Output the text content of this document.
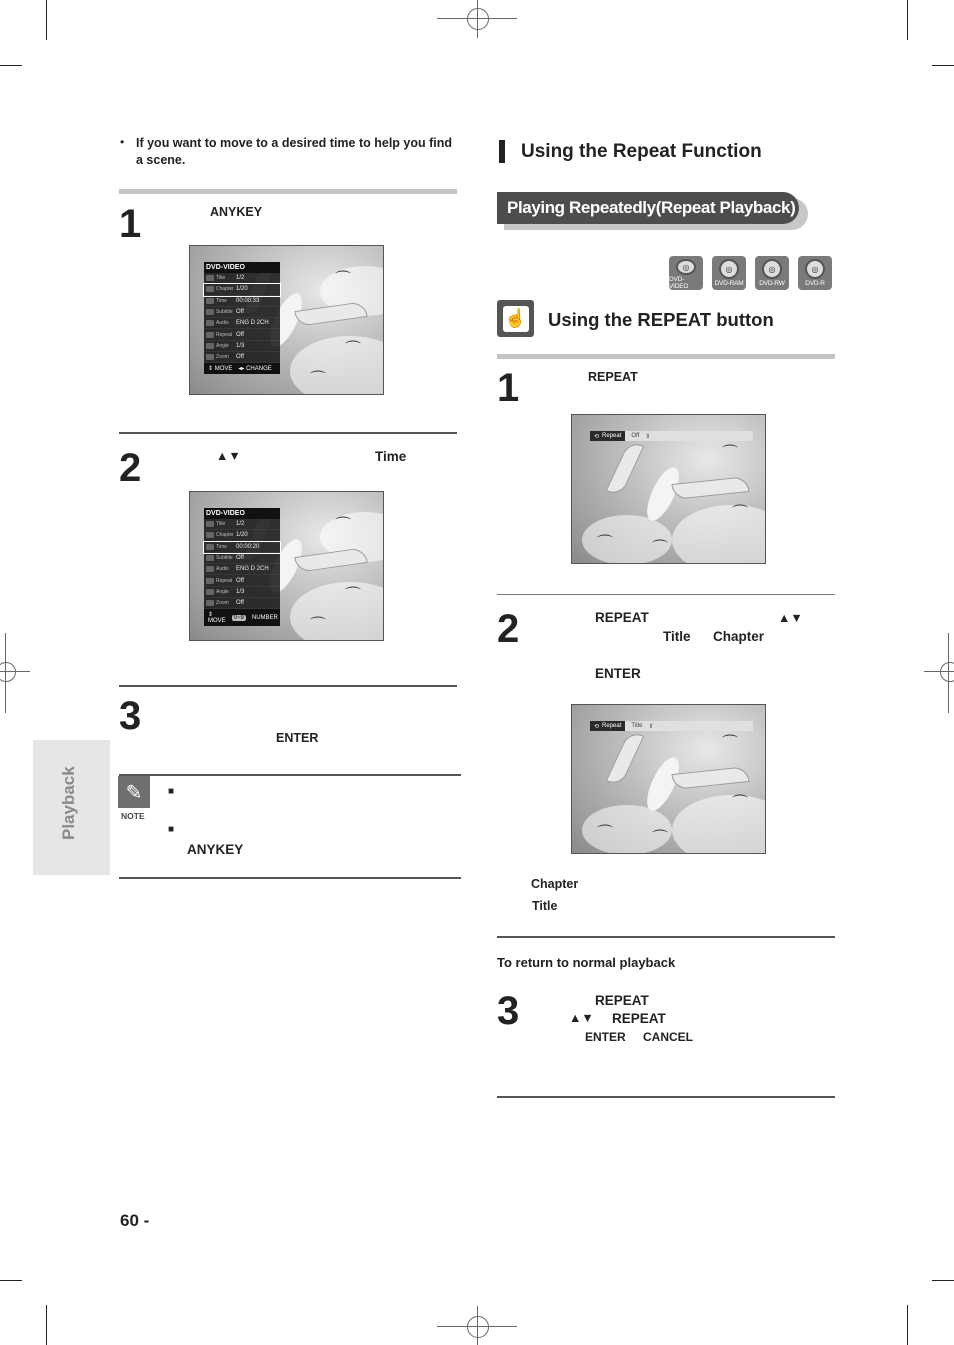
Playback
• If you want to move to a desired time to help you find a scene.
1	ANYKEY
⌒
⌒
⌒
DVD-VIDEO
Title	1/2
Chapter 1/20
Time	00:00:33
Subtitle Off
Audio	ENG D 2CH
Repeat Off
Angle	1/3
Zoom	Off
⇕ MOVE ◂▸ CHANGE
2	▲▼	Time
⌒
⌒
⌒
DVD-VIDEO
Title	1/2
Chapter 1/20
Time	00:00:20
Subtitle Off
Audio	ENG D 2CH
Repeat Off
Angle	1/3
Zoom	Off
⇕ MOVE
0~9	NUMBER
3	ENTER
✎
NOTE
■
■
ANYKEY
Using the Repeat Function
Playing Repeatedly(Repeat Playback)
◎
DVD-VIDEO
◎
DVD-RAM
◎
DVD-RW
◎
DVD-R
☝ Using the REPEAT button
1	REPEAT
⌒
⌒
⌒ ⌒
⟲ Repeat Off ⇕
2	REPEAT	▲▼
Title Chapter
ENTER
⌒
⌒
⌒ ⌒
⟲ Repeat Title ⇕
Chapter
Title
To return to normal playback
3	REPEAT
▲▼ REPEAT
ENTER CANCEL
60 -
